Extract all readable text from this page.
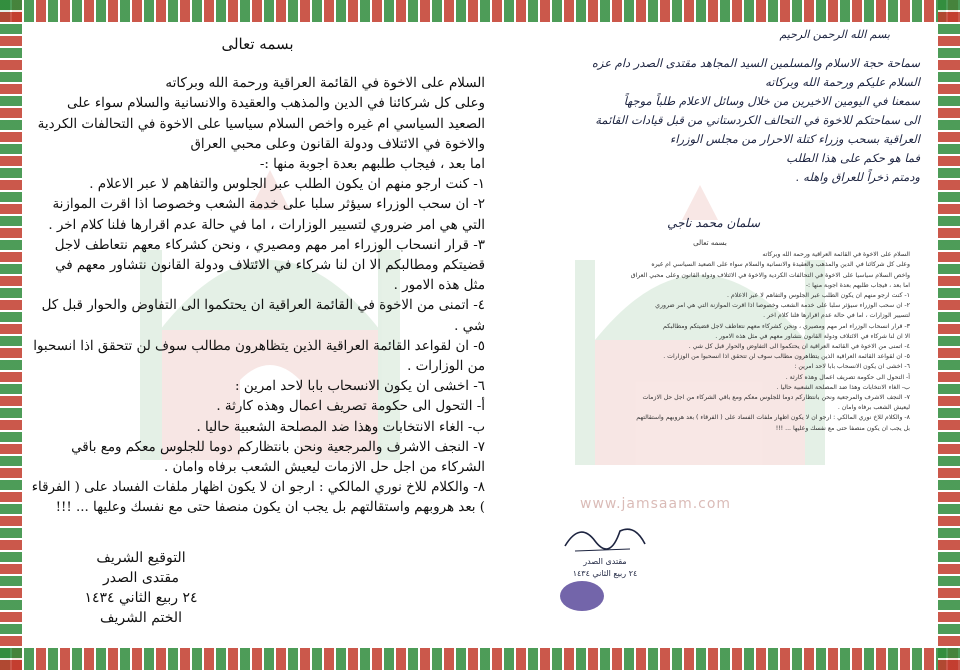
بسمه تعالى

السلام على الاخوة في القائمة العراقية ورحمة الله وبركاته

وعلى كل شركائنا في الدين والمذهب والعقيدة والانسانية والسلام سواء على الصعيد السياسي ام غيره واخص السلام سياسيا على الاخوة في التحالفات الكردية والاخوة في الائتلاف ودولة القانون وعلى محبي العراق

اما بعد ، فيجاب طلبهم بعدة اجوبة منها :-

١- كنت ارجو منهم ان يكون الطلب عبر الجلوس والتفاهم لا عبر الاعلام .

٢- ان سحب الوزراء سيؤثر سلبا على خدمة الشعب وخصوصا اذا اقرت الموازنة التي هي امر ضروري لتسيير الوزارات ، اما في حالة عدم اقرارها فلنا كلام اخر .

٣- قرار انسحاب الوزراء امر مهم ومصيري ، ونحن كشركاء معهم نتعاطف لاجل قضيتكم ومطالبكم الا ان لنا شركاء في الائتلاف ودولة القانون نتشاور معهم في مثل هذه الامور .

٤- اتمنى من الاخوة في القائمة العراقية ان يحتكموا الى التفاوض والحوار قبل كل شي .

٥- ان لقواعد القائمة العراقية الذين يتظاهرون مطالب سوف لن تتحقق اذا انسحبوا من الوزارات .

٦- اخشى ان يكون الانسحاب بابا لاحد امرين :

أ- التحول الى حكومة تصريف اعمال وهذه كارثة .

ب- الغاء الانتخابات وهذا ضد المصلحة الشعبية حاليا .

٧- النجف الاشرف والمرجعية ونحن بانتظاركم دوما للجلوس معكم ومع باقي الشركاء من اجل حل الازمات ليعيش الشعب برفاه وامان .

٨- والكلام للاخ نوري المالكي : ارجو ان لا يكون اظهار ملفات الفساد على ( الفرقاء ) بعد هروبهم واستقالتهم بل يجب ان يكون منصفا حتى مع نفسك وعليها ... !!!

التوقيع الشريف
مقتدى الصدر
٢٤ ربيع الثاني ١٤٣٤
الختم الشريف
بسم الله الرحمن الرحيم

سماحة حجة الاسلام والمسلمين السيد المجاهد مقتدى الصدر دام عزه

السلام عليكم ورحمة الله وبركاته

سمعنا في اليومين الاخيرين من خلال وسائل الاعلام طلباً موجهاً

الى سماحتكم للاخوة في التحالف الكردستاني من قبل قيادات القائمة

العراقية بسحب وزراء كتلة الاحرار من مجلس الوزراء

فما هو حكم على هذا الطلب

ودمتم ذخراً للعراق واهله .

سلمان محمد ناجي

بسمه تعالى

السلام على الاخوة في القائمة العراقية ورحمة الله وبركاته

وعلى كل شركائنا في الدين والمذهب والعقيدة والانسانية والسلام سواء على الصعيد السياسي ام غيره

واخص السلام سياسيا على الاخوة في التحالفات الكردية والاخوة في الائتلاف ودولة القانون وعلى محبي العراق

اما بعد ، فيجاب طلبهم بعدة اجوبة منها :-

١- كنت ارجو منهم ان يكون الطلب عبر الجلوس والتفاهم لا عبر الاعلام .

٢- ان سحب الوزراء سيؤثر سلبا على خدمة الشعب وخصوصا اذا اقرت الموازنة التي هي امر ضروري

لتسيير الوزارات ، اما في حالة عدم اقرارها فلنا كلام اخر .

٣- قرار انسحاب الوزراء امر مهم ومصيري ، ونحن كشركاء معهم نتعاطف لاجل قضيتكم ومطالبكم

الا ان لنا شركاء في الائتلاف ودولة القانون نتشاور معهم في مثل هذه الامور .

٤- اتمنى من الاخوة في القائمة العراقية ان يحتكموا الى التفاوض والحوار قبل كل شي .

٥- ان لقواعد القائمة العراقية الذين يتظاهرون مطالب سوف لن تتحقق اذا انسحبوا من الوزارات .

٦- اخشى ان يكون الانسحاب بابا لاحد امرين :

أ- التحول الى حكومة تصريف اعمال وهذه كارثة .

ب- الغاء الانتخابات وهذا ضد المصلحة الشعبية حاليا .

٧- النجف الاشرف والمرجعية ونحن بانتظاركم دوما للجلوس معكم ومع باقي الشركاء من اجل حل الازمات

ليعيش الشعب برفاه وامان .

٨- والكلام للاخ نوري المالكي : ارجو ان لا يكون اظهار ملفات الفساد على ( الفرقاء ) بعد هروبهم واستقالتهم

بل يجب ان يكون منصفا حتى مع نفسك وعليها ... !!!

www.jamsaam.com
مقتدى الصدر
٢٤ ربيع الثاني ١٤٣٤
